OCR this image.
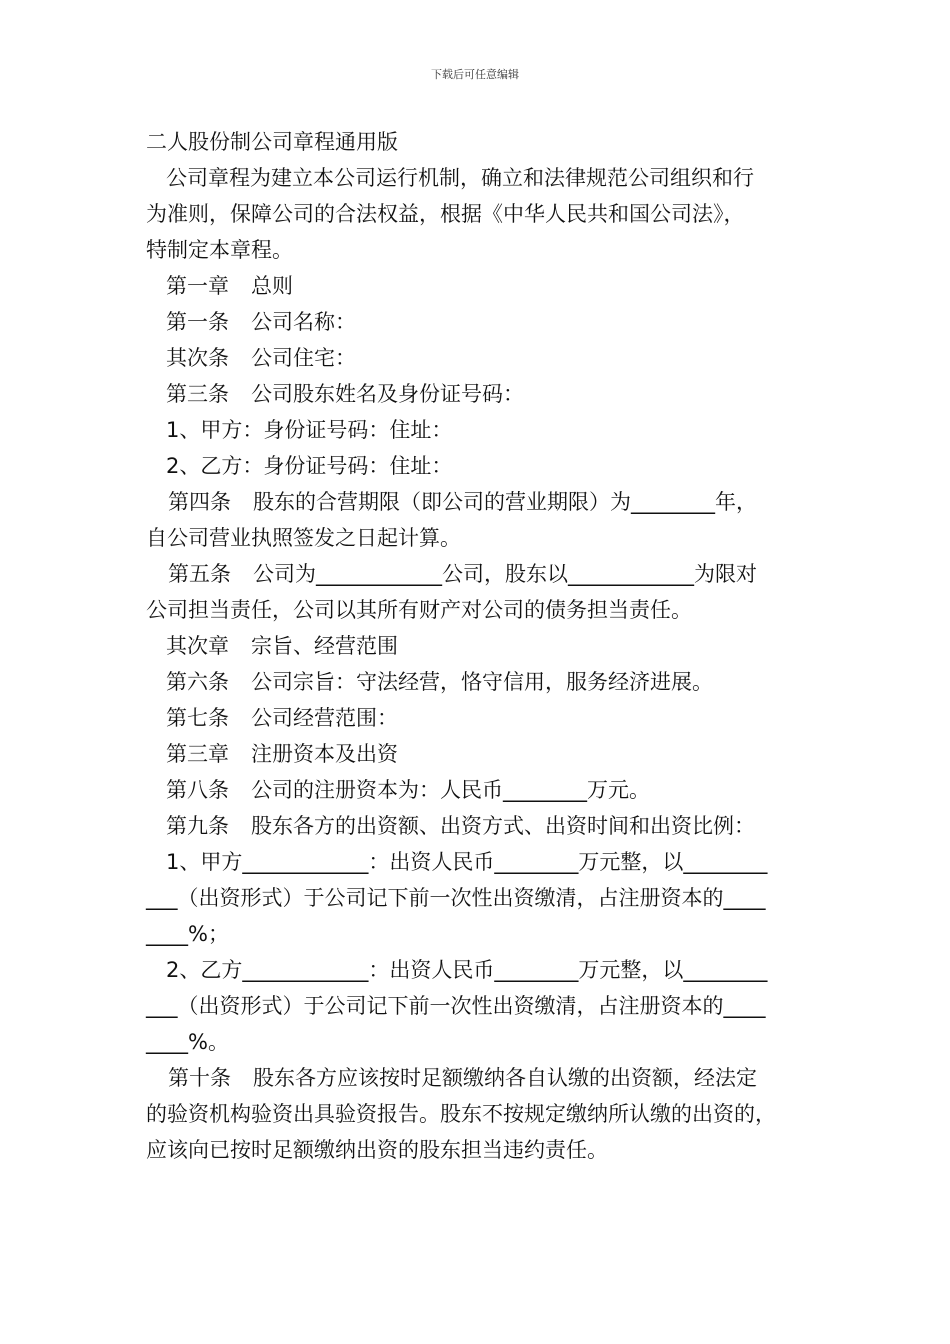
下载后可任意编辑

二人股份制公司章程通用版

公司章程为建立本公司运行机制，确立和法律规范公司组织和行

为准则，保障公司的合法权益，根据《中华人民共和国公司法》，

特制定本章程。

第一章 总则

第一条 公司名称：

其次条 公司住宅：

第三条 公司股东姓名及身份证号码：

1、甲方：身份证号码：住址：

2、乙方：身份证号码：住址：

第四条 股东的合营期限（即公司的营业期限）为________年，

自公司营业执照签发之日起计算。

第五条 公司为____________公司，股东以____________为限对

公司担当责任，公司以其所有财产对公司的债务担当责任。

其次章 宗旨、经营范围

第六条 公司宗旨：守法经营，恪守信用，服务经济进展。

第七条 公司经营范围：

第三章 注册资本及出资

第八条 公司的注册资本为：人民币________万元。

第九条 股东各方的出资额、出资方式、出资时间和出资比例：

1、甲方____________：出资人民币________万元整，以________

___（出资形式）于公司记下前一次性出资缴清，占注册资本的____

____%；

2、乙方____________：出资人民币________万元整，以________

___（出资形式）于公司记下前一次性出资缴清，占注册资本的____

____%。

第十条 股东各方应该按时足额缴纳各自认缴的出资额，经法定

的验资机构验资出具验资报告。股东不按规定缴纳所认缴的出资的，

应该向已按时足额缴纳出资的股东担当违约责任。
